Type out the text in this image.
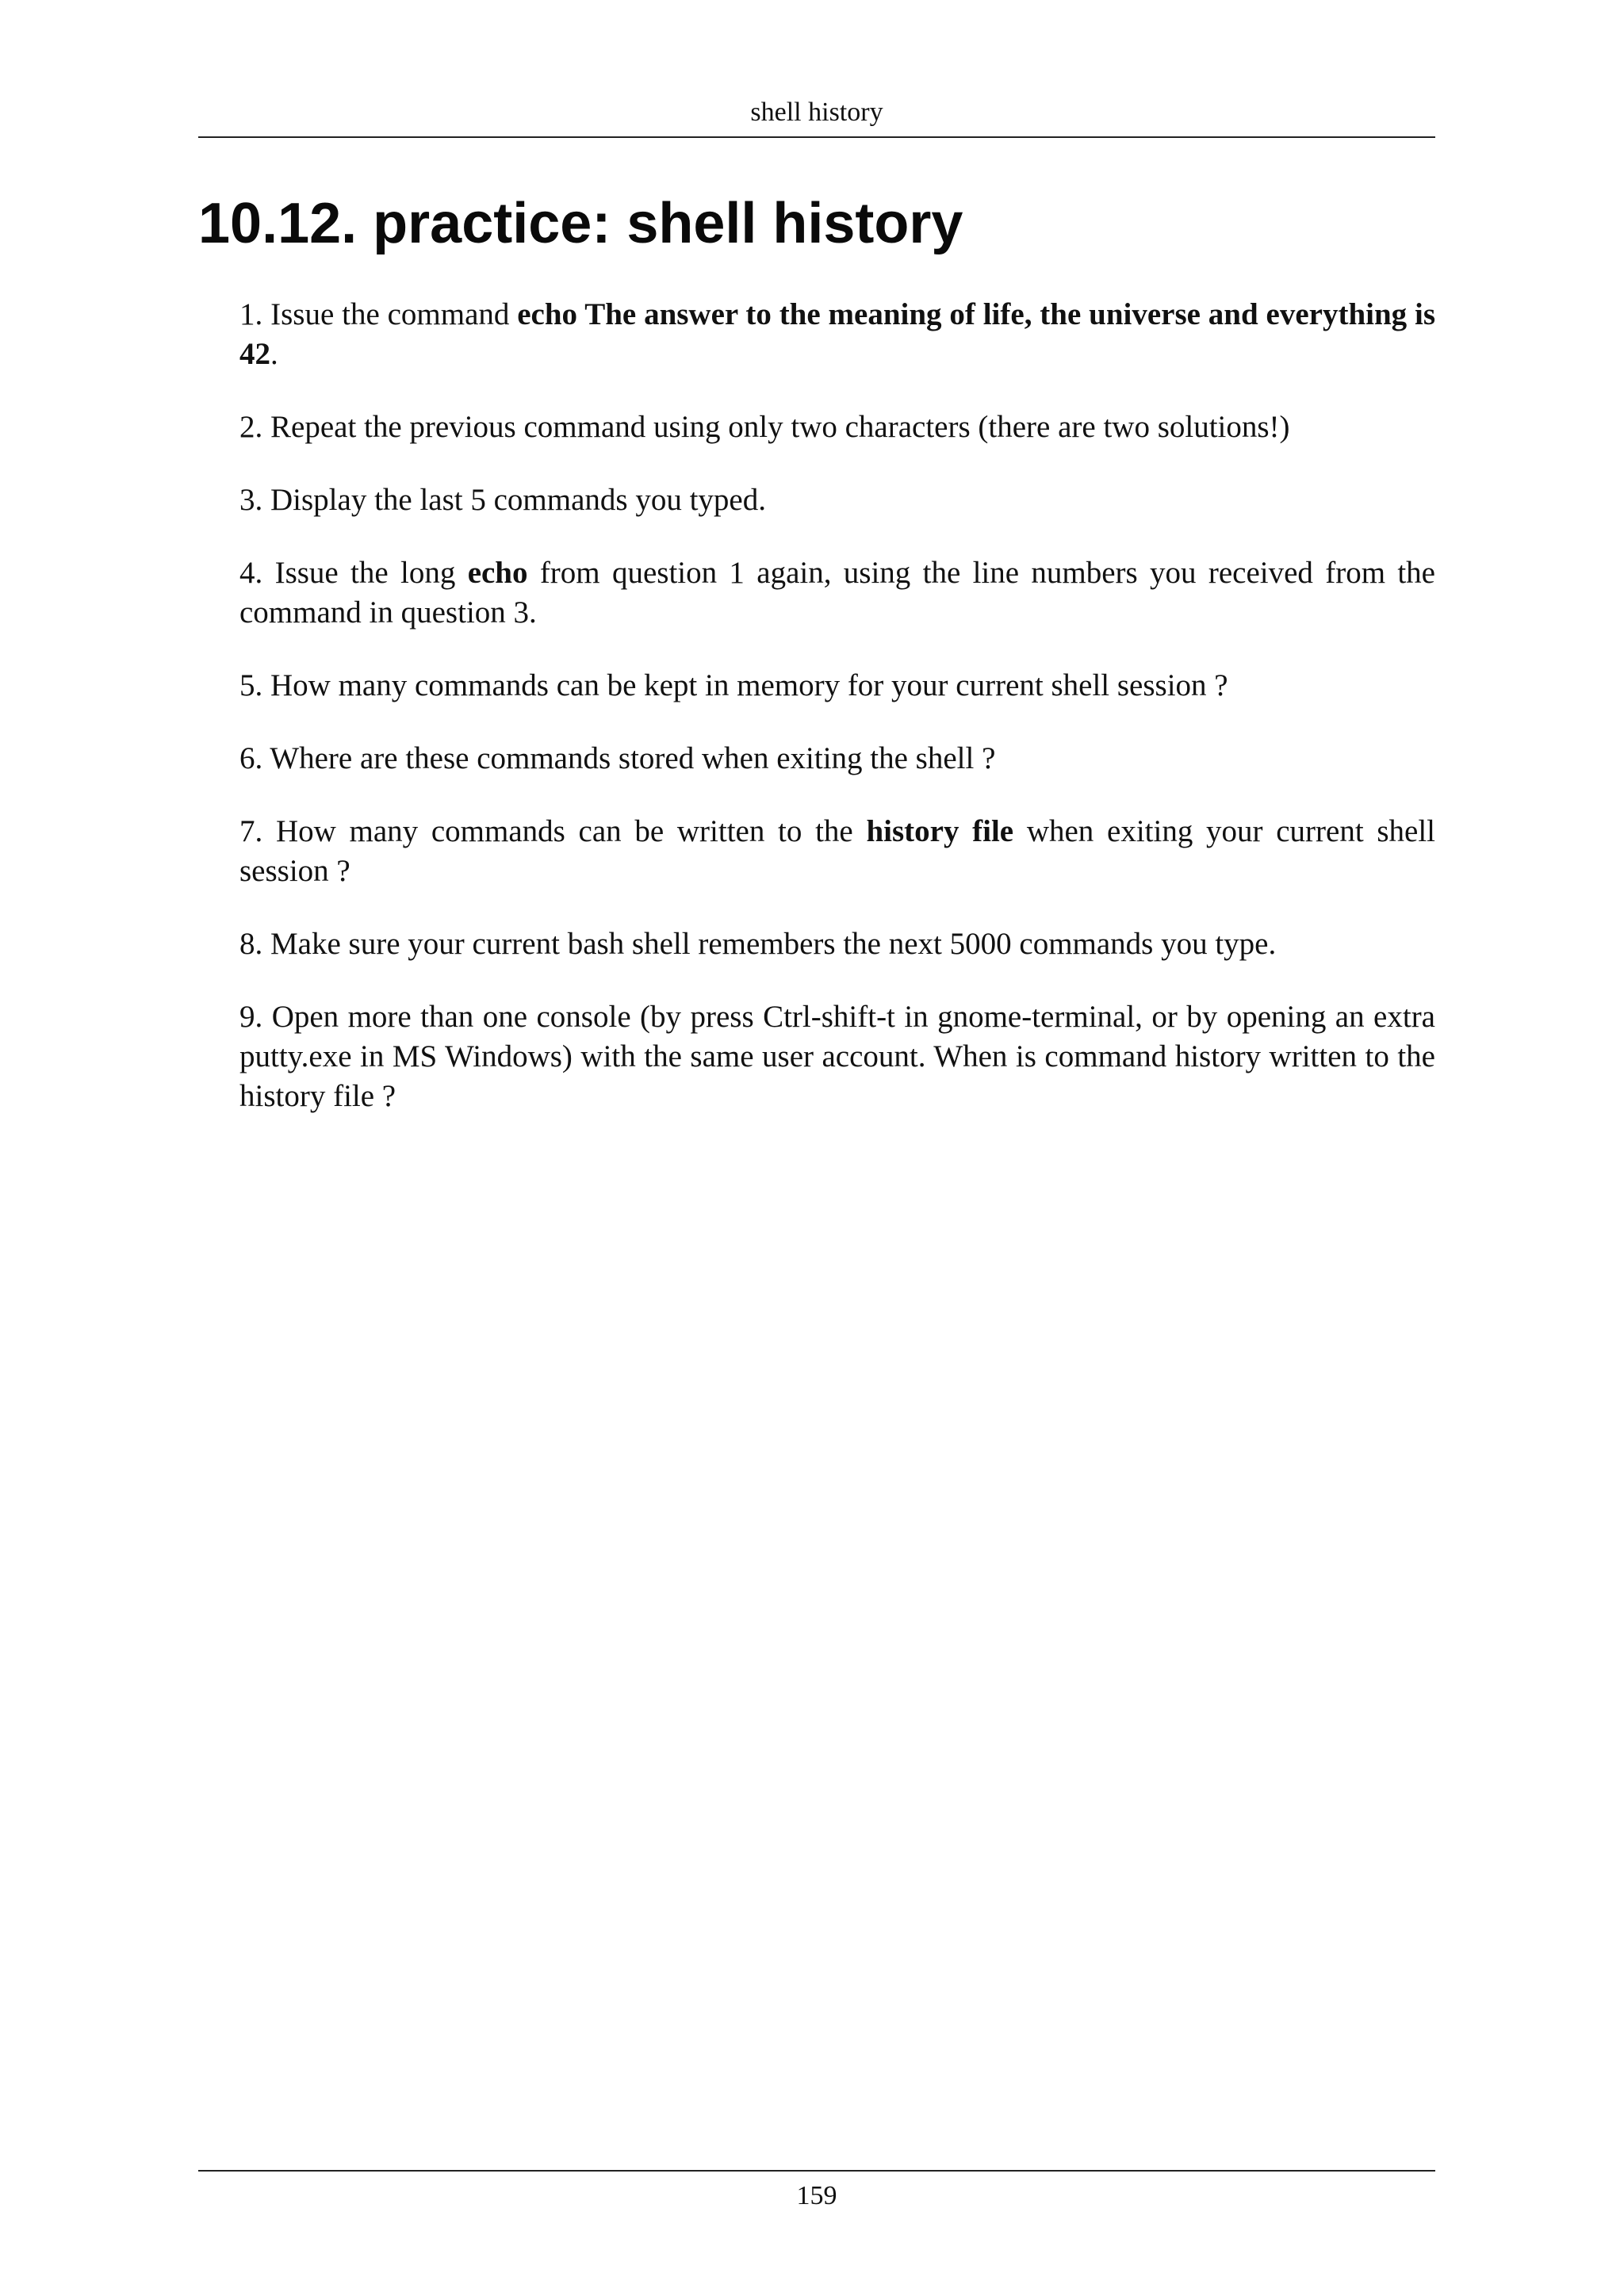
shell history
10.12. practice: shell history

1. Issue the command echo The answer to the meaning of life, the universe and everything is 42.

2. Repeat the previous command using only two characters (there are two solutions!)

3. Display the last 5 commands you typed.

4. Issue the long echo from question 1 again, using the line numbers you received from the command in question 3.

5. How many commands can be kept in memory for your current shell session ?

6. Where are these commands stored when exiting the shell ?

7. How many commands can be written to the history file when exiting your current shell session ?

8. Make sure your current bash shell remembers the next 5000 commands you type.

9. Open more than one console (by press Ctrl-shift-t in gnome-terminal, or by opening an extra putty.exe in MS Windows) with the same user account. When is command history written to the history file ?

159
